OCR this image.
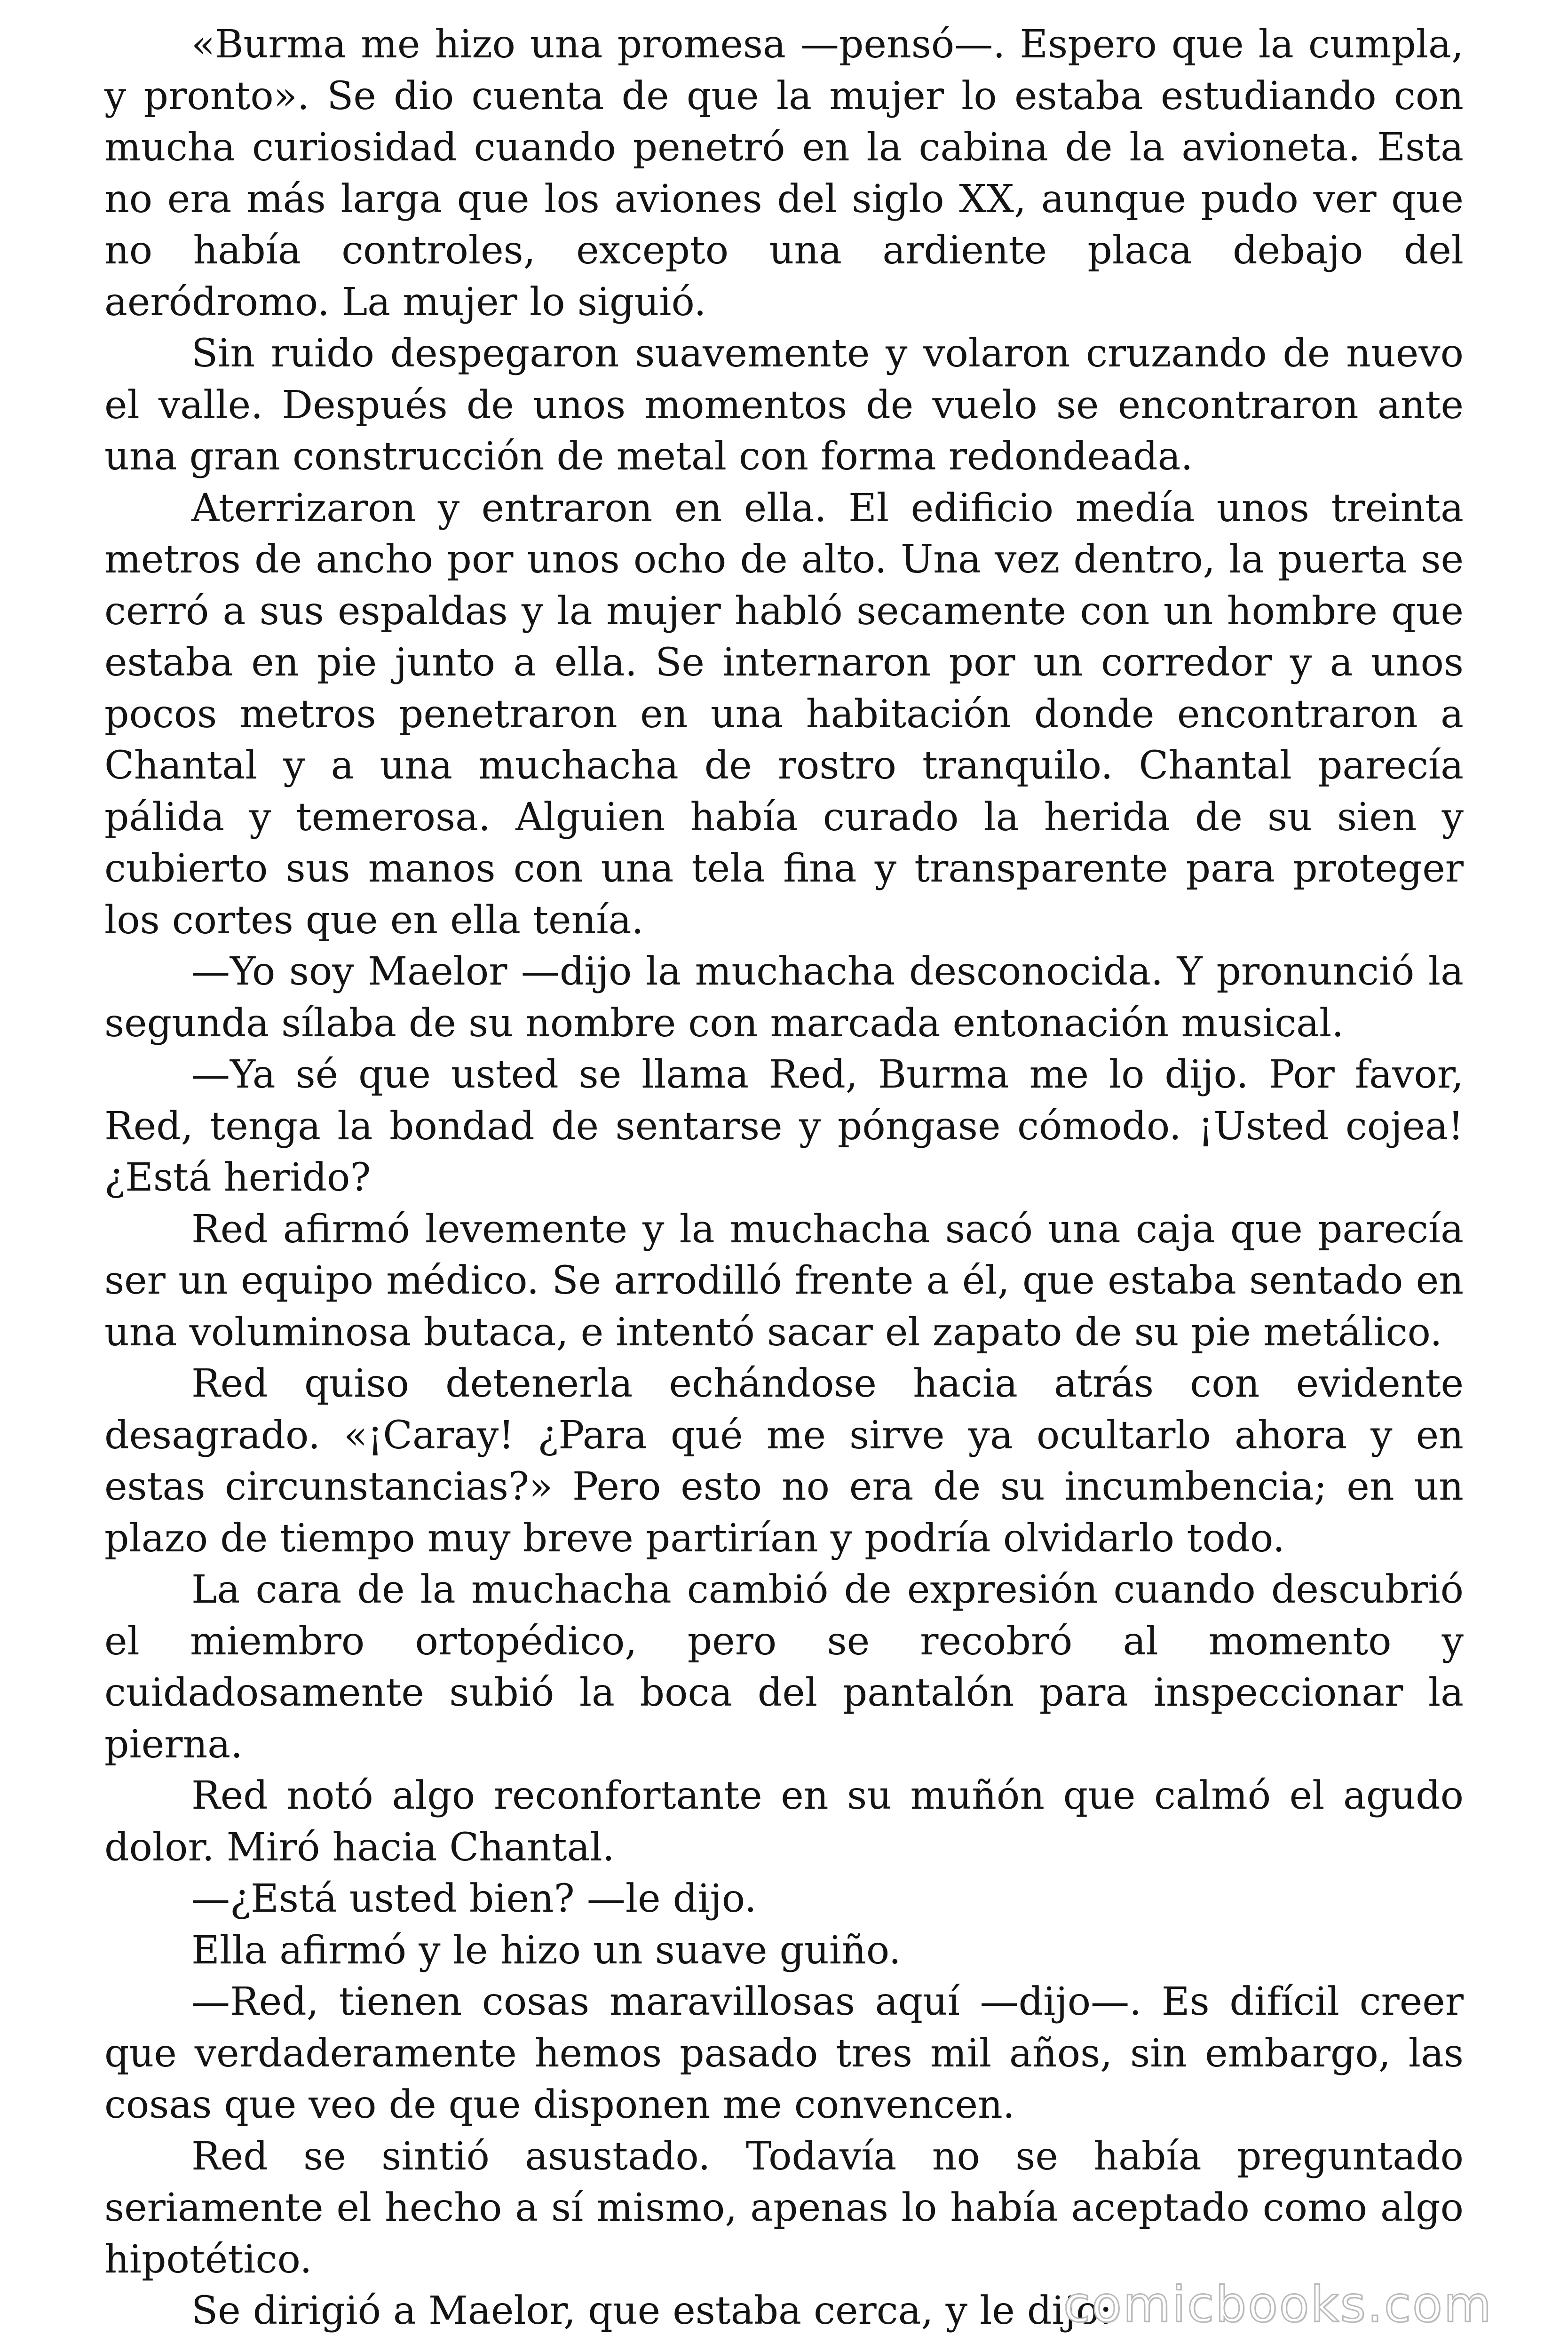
«Burma me hizo una promesa —pensó—. Espero que la cumpla, y pronto». Se dio cuenta de que la mujer lo estaba estudiando con mucha curiosidad cuando penetró en la cabina de la avioneta. Esta no era más larga que los aviones del siglo XX, aunque pudo ver que no había controles, excepto una ardiente placa debajo del aeródromo. La mujer lo siguió.

Sin ruido despegaron suavemente y volaron cruzando de nuevo el valle. Después de unos momentos de vuelo se encontraron ante una gran construcción de metal con forma redondeada.

Aterrizaron y entraron en ella. El edificio medía unos treinta metros de ancho por unos ocho de alto. Una vez dentro, la puerta se cerró a sus espaldas y la mujer habló secamente con un hombre que estaba en pie junto a ella. Se internaron por un corredor y a unos pocos metros penetraron en una habitación donde encontraron a Chantal y a una muchacha de rostro tranquilo. Chantal parecía pálida y temerosa. Alguien había curado la herida de su sien y cubierto sus manos con una tela fina y transparente para proteger los cortes que en ella tenía.

—Yo soy Maelor —dijo la muchacha desconocida. Y pronunció la segunda sílaba de su nombre con marcada entonación musical.

—Ya sé que usted se llama Red, Burma me lo dijo. Por favor, Red, tenga la bondad de sentarse y póngase cómodo. ¡Usted cojea! ¿Está herido?

Red afirmó levemente y la muchacha sacó una caja que parecía ser un equipo médico. Se arrodilló frente a él, que estaba sentado en una voluminosa butaca, e intentó sacar el zapato de su pie metálico.

Red quiso detenerla echándose hacia atrás con evidente desagrado. «¡Caray! ¿Para qué me sirve ya ocultarlo ahora y en estas circunstancias?» Pero esto no era de su incumbencia; en un plazo de tiempo muy breve partirían y podría olvidarlo todo.

La cara de la muchacha cambió de expresión cuando descubrió el miembro ortopédico, pero se recobró al momento y cuidadosamente subió la boca del pantalón para inspeccionar la pierna.

Red notó algo reconfortante en su muñón que calmó el agudo dolor. Miró hacia Chantal.

—¿Está usted bien? —le dijo.

Ella afirmó y le hizo un suave guiño.

—Red, tienen cosas maravillosas aquí —dijo—. Es difícil creer que verdaderamente hemos pasado tres mil años, sin embargo, las cosas que veo de que disponen me convencen.

Red se sintió asustado. Todavía no se había preguntado seriamente el hecho a sí mismo, apenas lo había aceptado como algo hipotético.

Se dirigió a Maelor, que estaba cerca, y le dijo:

comicbooks.com
